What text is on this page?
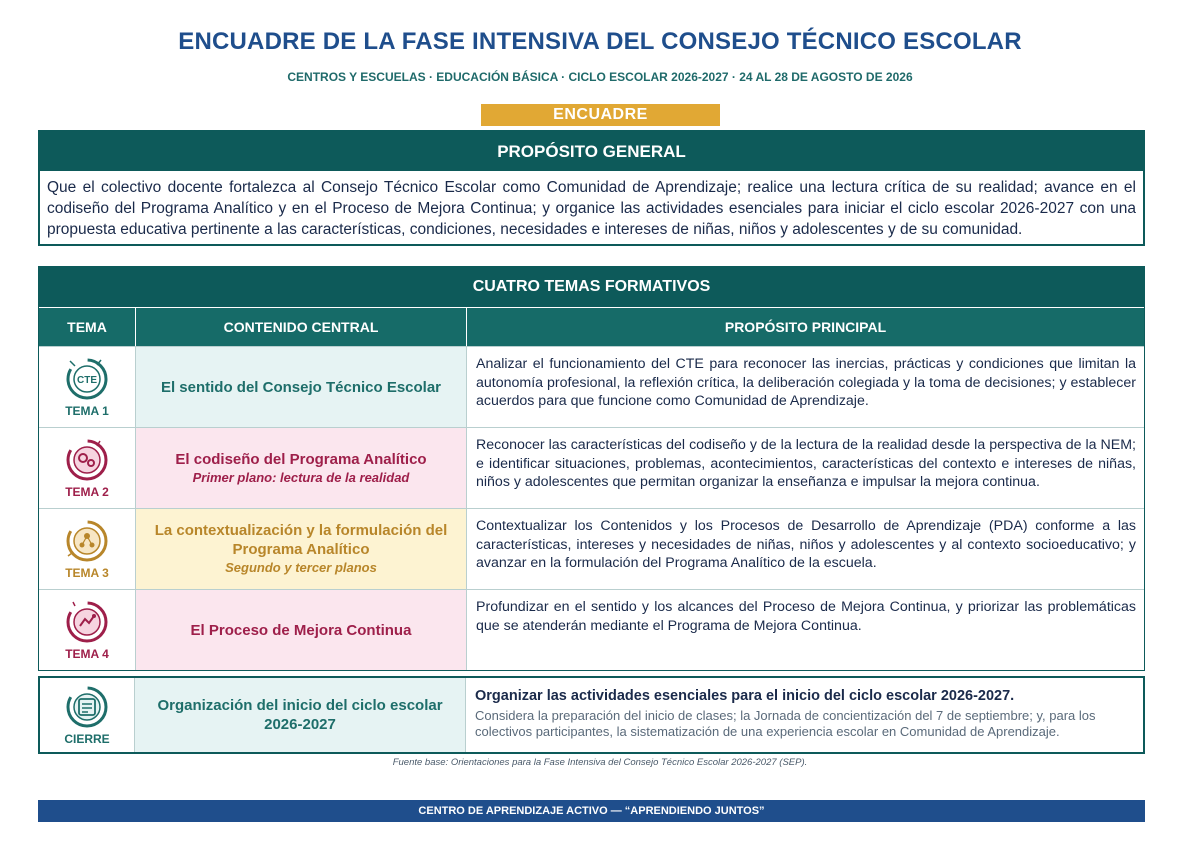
ENCUADRE DE LA FASE INTENSIVA DEL CONSEJO TÉCNICO ESCOLAR
CENTROS Y ESCUELAS · EDUCACIÓN BÁSICA · CICLO ESCOLAR 2026-2027 · 24 AL 28 DE AGOSTO DE 2026
ENCUADRE
PROPÓSITO GENERAL
Que el colectivo docente fortalezca al Consejo Técnico Escolar como Comunidad de Aprendizaje; realice una lectura crítica de su realidad; avance en el codiseño del Programa Analítico y en el Proceso de Mejora Continua; y organice las actividades esenciales para iniciar el ciclo escolar 2026-2027 con una propuesta educativa pertinente a las características, condiciones, necesidades e intereses de niñas, niños y adolescentes y de su comunidad.
CUATRO TEMAS FORMATIVOS
TEMA	CONTENIDO CENTRAL	PROPÓSITO PRINCIPAL
CTE
TEMA 1
El sentido del Consejo Técnico Escolar
Analizar el funcionamiento del CTE para reconocer las inercias, prácticas y condiciones que limitan la autonomía profesional, la reflexión crítica, la deliberación colegiada y la toma de decisiones; y establecer acuerdos para que funcione como Comunidad de Aprendizaje.
TEMA 2
El codiseño del Programa Analítico
Primer plano: lectura de la realidad
Reconocer las características del codiseño y de la lectura de la realidad desde la perspectiva de la NEM; e identificar situaciones, problemas, acontecimientos, características del contexto e intereses de niñas, niños y adolescentes que permitan organizar la enseñanza e impulsar la mejora continua.
TEMA 3
La contextualización y la formulación del Programa Analítico
Segundo y tercer planos
Contextualizar los Contenidos y los Procesos de Desarrollo de Aprendizaje (PDA) conforme a las características, intereses y necesidades de niñas, niños y adolescentes y al contexto socioeducativo; y avanzar en la formulación del Programa Analítico de la escuela.
TEMA 4
El Proceso de Mejora Continua
Profundizar en el sentido y los alcances del Proceso de Mejora Continua, y priorizar las problemáticas que se atenderán mediante el Programa de Mejora Continua.
CIERRE
Organización del inicio del ciclo escolar 2026-2027
Organizar las actividades esenciales para el inicio del ciclo escolar 2026-2027.
Considera la preparación del inicio de clases; la Jornada de concientización del 7 de septiembre; y, para los colectivos participantes, la sistematización de una experiencia escolar en Comunidad de Aprendizaje.
Fuente base: Orientaciones para la Fase Intensiva del Consejo Técnico Escolar 2026-2027 (SEP).
CENTRO DE APRENDIZAJE ACTIVO — “APRENDIENDO JUNTOS”
